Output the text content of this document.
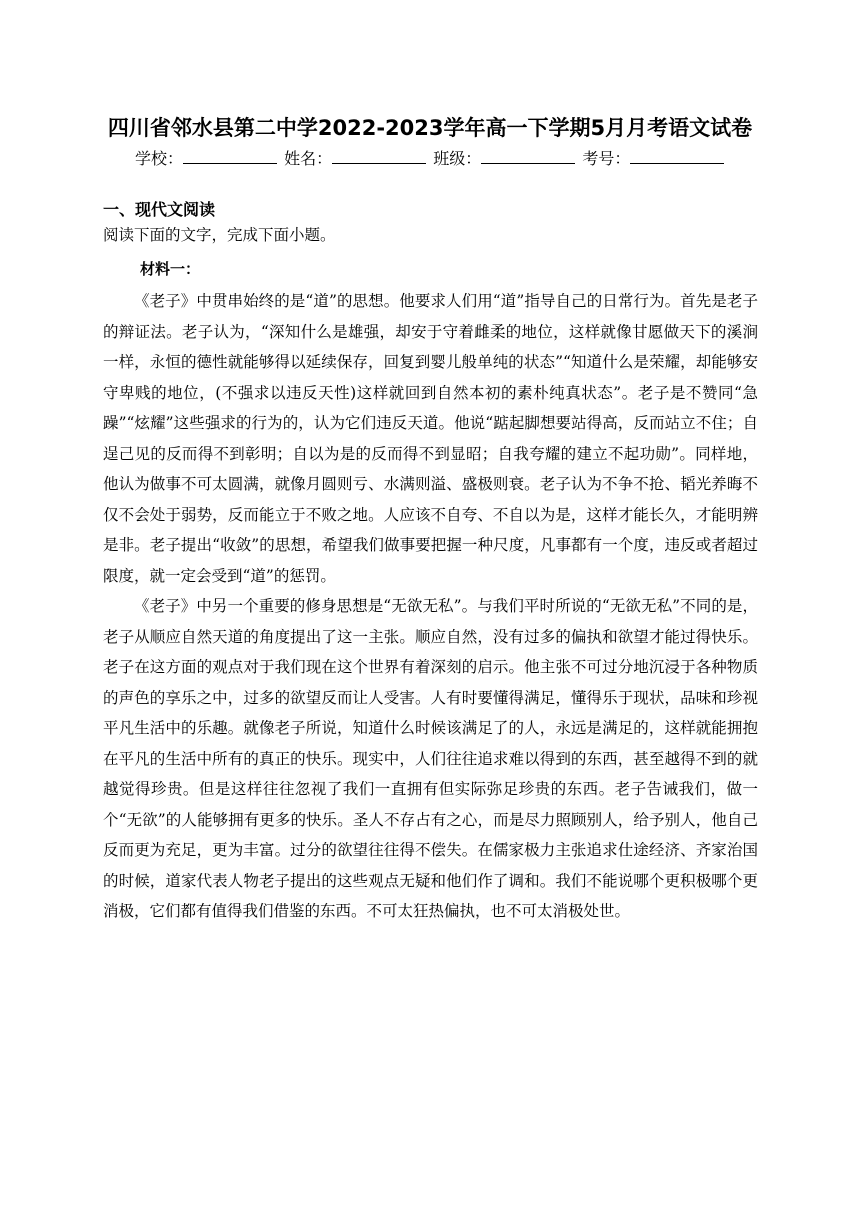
四川省邻水县第二中学2022-2023学年高一下学期5月月考语文试卷
学校：	姓名：	班级：	考号：
一、现代文阅读
阅读下面的文字，完成下面小题。
材料一：

《老子》中贯串始终的是“道”的思想。他要求人们用“道”指导自己的日常行为。首先是老子的辩证法。老子认为，“深知什么是雄强，却安于守着雌柔的地位，这样就像甘愿做天下的溪涧一样，永恒的德性就能够得以延续保存，回复到婴儿般单纯的状态”“知道什么是荣耀，却能够安守卑贱的地位，(不强求以违反天性)这样就回到自然本初的素朴纯真状态”。老子是不赞同“急躁”“炫耀”这些强求的行为的，认为它们违反天道。他说“踮起脚想要站得高，反而站立不住；自逞己见的反而得不到彰明；自以为是的反而得不到显昭；自我夸耀的建立不起功勋”。同样地，他认为做事不可太圆满，就像月圆则亏、水满则溢、盛极则衰。老子认为不争不抢、韬光养晦不仅不会处于弱势，反而能立于不败之地。人应该不自夸、不自以为是，这样才能长久，才能明辨是非。老子提出“收敛”的思想，希望我们做事要把握一种尺度，凡事都有一个度，违反或者超过限度，就一定会受到“道”的惩罚。

《老子》中另一个重要的修身思想是“无欲无私”。与我们平时所说的“无欲无私”不同的是，老子从顺应自然天道的角度提出了这一主张。顺应自然，没有过多的偏执和欲望才能过得快乐。老子在这方面的观点对于我们现在这个世界有着深刻的启示。他主张不可过分地沉浸于各种物质的声色的享乐之中，过多的欲望反而让人受害。人有时要懂得满足，懂得乐于现状，品味和珍视平凡生活中的乐趣。就像老子所说，知道什么时候该满足了的人，永远是满足的，这样就能拥抱在平凡的生活中所有的真正的快乐。现实中，人们往往追求难以得到的东西，甚至越得不到的就越觉得珍贵。但是这样往往忽视了我们一直拥有但实际弥足珍贵的东西。老子告诫我们，做一个“无欲”的人能够拥有更多的快乐。圣人不存占有之心，而是尽力照顾别人，给予别人，他自己反而更为充足，更为丰富。过分的欲望往往得不偿失。在儒家极力主张追求仕途经济、齐家治国的时候，道家代表人物老子提出的这些观点无疑和他们作了调和。我们不能说哪个更积极哪个更消极，它们都有值得我们借鉴的东西。不可太狂热偏执，也不可太消极处世。
